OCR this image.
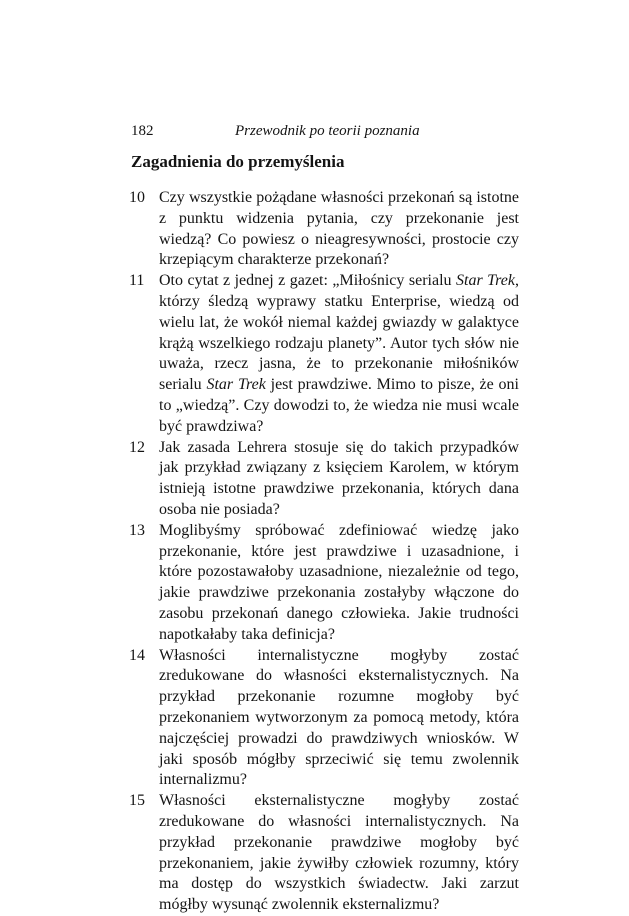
182	Przewodnik po teorii poznania
Zagadnienia do przemyślenia
10 Czy wszystkie pożądane własności przekonań są istotne z punktu widzenia pytania, czy przekonanie jest wiedzą? Co powiesz o nieagresywności, prostocie czy krzepiącym charakterze przekonań?
11 Oto cytat z jednej z gazet: „Miłośnicy serialu Star Trek, którzy śledzą wyprawy statku Enterprise, wiedzą od wielu lat, że wokół niemal każdej gwiazdy w galaktyce krążą wszelkiego rodzaju planety”. Autor tych słów nie uważa, rzecz jasna, że to przekonanie miłośników serialu Star Trek jest prawdziwe. Mimo to pisze, że oni to „wiedzą”. Czy dowodzi to, że wiedza nie musi wcale być prawdziwa?
12 Jak zasada Lehrera stosuje się do takich przypadków jak przykład związany z księciem Karolem, w którym istnieją istotne prawdziwe przekonania, których dana osoba nie posiada?
13 Moglibyśmy spróbować zdefiniować wiedzę jako przekonanie, które jest prawdziwe i uzasadnione, i które pozostawałoby uzasadnione, niezależnie od tego, jakie prawdziwe przekonania zostałyby włączone do zasobu przekonań danego człowieka. Jakie trudności napotkałaby taka definicja?
14 Własności internalistyczne mogłyby zostać zredukowane do własności eksternalistycznych. Na przykład przekonanie rozumne mogłoby być przekonaniem wytworzonym za pomocą metody, która najczęściej prowadzi do prawdziwych wniosków. W jaki sposób mógłby sprzeciwić się temu zwolennik internalizmu?
15 Własności eksternalistyczne mogłyby zostać zredukowane do własności internalistycznych. Na przykład przekonanie prawdziwe mogłoby być przekonaniem, jakie żywiłby człowiek rozumny, który ma dostęp do wszystkich świadectw. Jaki zarzut mógłby wysunąć zwolennik eksternalizmu?
